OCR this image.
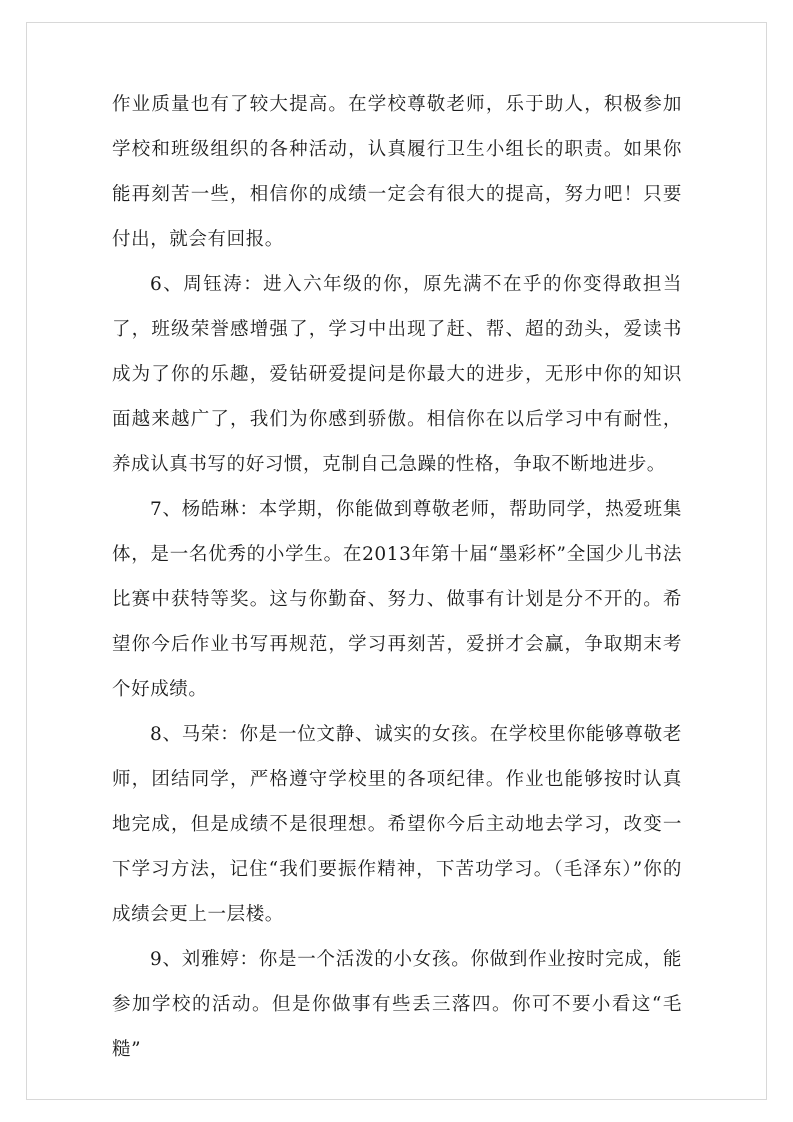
作业质量也有了较大提高。在学校尊敬老师，乐于助人，积极参加学校和班级组织的各种活动，认真履行卫生小组长的职责。如果你能再刻苦一些，相信你的成绩一定会有很大的提高，努力吧！只要付出，就会有回报。

6、周钰涛：进入六年级的你，原先满不在乎的你变得敢担当了，班级荣誉感增强了，学习中出现了赶、帮、超的劲头，爱读书成为了你的乐趣，爱钻研爱提问是你最大的进步，无形中你的知识面越来越广了，我们为你感到骄傲。相信你在以后学习中有耐性，养成认真书写的好习惯，克制自己急躁的性格，争取不断地进步。

7、杨皓琳：本学期，你能做到尊敬老师，帮助同学，热爱班集体，是一名优秀的小学生。在2013年第十届“墨彩杯”全国少儿书法比赛中获特等奖。这与你勤奋、努力、做事有计划是分不开的。希望你今后作业书写再规范，学习再刻苦，爱拼才会赢，争取期末考个好成绩。

8、马荣：你是一位文静、诚实的女孩。在学校里你能够尊敬老师，团结同学，严格遵守学校里的各项纪律。作业也能够按时认真地完成，但是成绩不是很理想。希望你今后主动地去学习，改变一下学习方法，记住“我们要振作精神，下苦功学习。（毛泽东）”你的成绩会更上一层楼。

9、刘雅婷：你是一个活泼的小女孩。你做到作业按时完成，能参加学校的活动。但是你做事有些丢三落四。你可不要小看这“毛糙”
